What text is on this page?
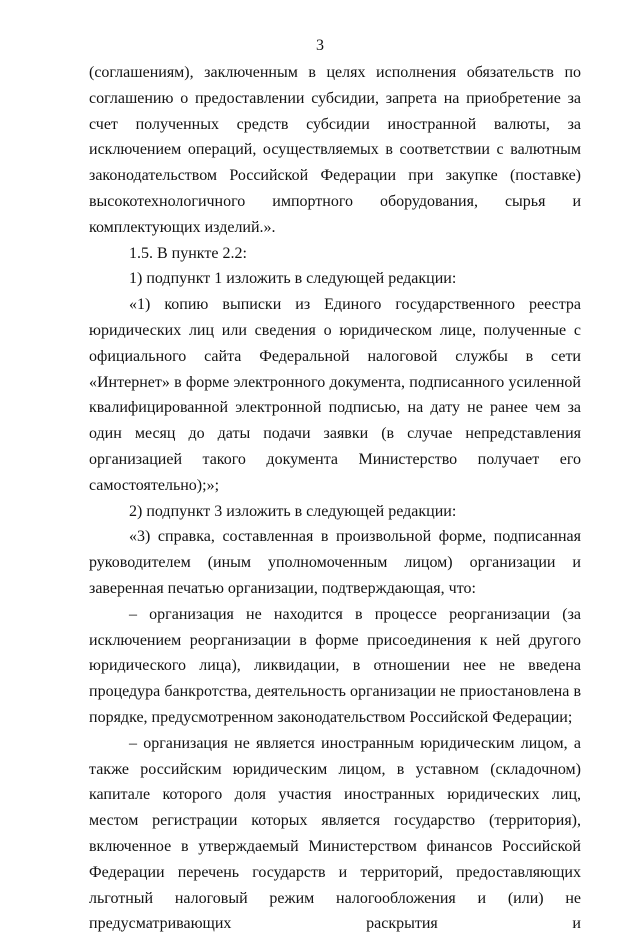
3

(соглашениям), заключенным в целях исполнения обязательств по соглашению о предоставлении субсидии, запрета на приобретение за счет полученных средств субсидии иностранной валюты, за исключением операций, осуществляемых в соответствии с валютным законодательством Российской Федерации при закупке (поставке) высокотехнологичного импортного оборудования, сырья и комплектующих изделий.».

1.5. В пункте 2.2:

1) подпункт 1 изложить в следующей редакции:

«1) копию выписки из Единого государственного реестра юридических лиц или сведения о юридическом лице, полученные с официального сайта Федеральной налоговой службы в сети «Интернет» в форме электронного документа, подписанного усиленной квалифицированной электронной подписью, на дату не ранее чем за один месяц до даты подачи заявки (в случае непредставления организацией такого документа Министерство получает его самостоятельно);»;

2) подпункт 3 изложить в следующей редакции:

«3) справка, составленная в произвольной форме, подписанная руководителем (иным уполномоченным лицом) организации и заверенная печатью организации, подтверждающая, что:

– организация не находится в процессе реорганизации (за исключением реорганизации в форме присоединения к ней другого юридического лица), ликвидации, в отношении нее не введена процедура банкротства, деятельность организации не приостановлена в порядке, предусмотренном законодательством Российской Федерации;

– организация не является иностранным юридическим лицом, а также российским юридическим лицом, в уставном (складочном) капитале которого доля участия иностранных юридических лиц, местом регистрации которых является государство (территория), включенное в утверждаемый Министерством финансов Российской Федерации перечень государств и территорий, предоставляющих льготный налоговый режим налогообложения и (или) не предусматривающих раскрытия и
